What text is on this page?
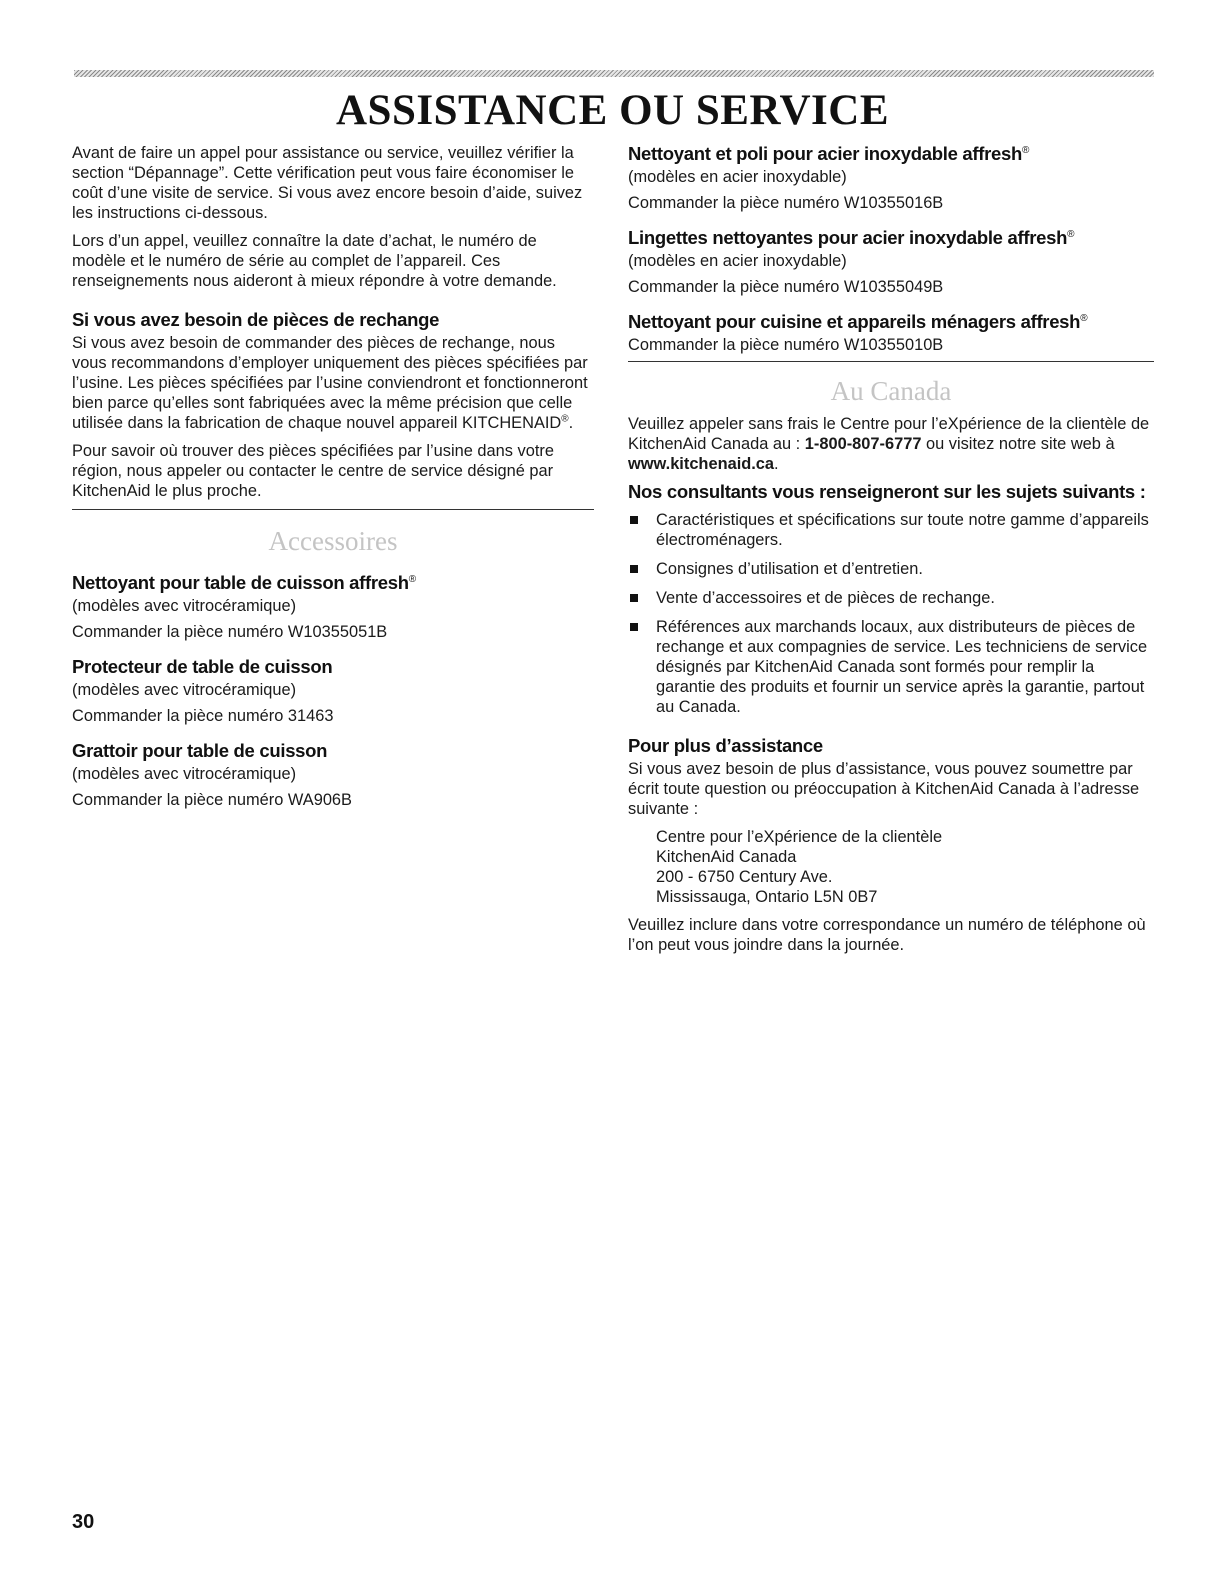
ASSISTANCE OU SERVICE

Avant de faire un appel pour assistance ou service, veuillez vérifier la section “Dépannage”. Cette vérification peut vous faire économiser le coût d’une visite de service. Si vous avez encore besoin d’aide, suivez les instructions ci-dessous.

Lors d’un appel, veuillez connaître la date d’achat, le numéro de modèle et le numéro de série au complet de l’appareil. Ces renseignements nous aideront à mieux répondre à votre demande.

Si vous avez besoin de pièces de rechange

Si vous avez besoin de commander des pièces de rechange, nous vous recommandons d’employer uniquement des pièces spécifiées par l’usine. Les pièces spécifiées par l’usine conviendront et fonctionneront bien parce qu’elles sont fabriquées avec la même précision que celle utilisée dans la fabrication de chaque nouvel appareil KITCHENAID®.

Pour savoir où trouver des pièces spécifiées par l’usine dans votre région, nous appeler ou contacter le centre de service désigné par KitchenAid le plus proche.

Accessoires
Nettoyant pour table de cuisson affresh®

(modèles avec vitrocéramique)

Commander la pièce numéro W10355051B

Protecteur de table de cuisson

(modèles avec vitrocéramique)

Commander la pièce numéro 31463

Grattoir pour table de cuisson

(modèles avec vitrocéramique)

Commander la pièce numéro WA906B

Nettoyant et poli pour acier inoxydable affresh®

(modèles en acier inoxydable)

Commander la pièce numéro W10355016B

Lingettes nettoyantes pour acier inoxydable affresh®

(modèles en acier inoxydable)

Commander la pièce numéro W10355049B

Nettoyant pour cuisine et appareils ménagers affresh®

Commander la pièce numéro W10355010B

Au Canada

Veuillez appeler sans frais le Centre pour l’eXpérience de la clientèle de KitchenAid Canada au : 1-800-807-6777 ou visitez notre site web à www.kitchenaid.ca.

Nos consultants vous renseigneront sur les sujets suivants :
Caractéristiques et spécifications sur toute notre gamme d’appareils électroménagers.
Consignes d’utilisation et d’entretien.
Vente d’accessoires et de pièces de rechange.
Références aux marchands locaux, aux distributeurs de pièces de rechange et aux compagnies de service. Les techniciens de service désignés par KitchenAid Canada sont formés pour remplir la garantie des produits et fournir un service après la garantie, partout au Canada.
Pour plus d’assistance

Si vous avez besoin de plus d’assistance, vous pouvez soumettre par écrit toute question ou préoccupation à KitchenAid Canada à l’adresse suivante :

Centre pour l’eXpérience de la clientèle
KitchenAid Canada
200 - 6750 Century Ave.
Mississauga, Ontario L5N 0B7

Veuillez inclure dans votre correspondance un numéro de téléphone où l’on peut vous joindre dans la journée.

30
